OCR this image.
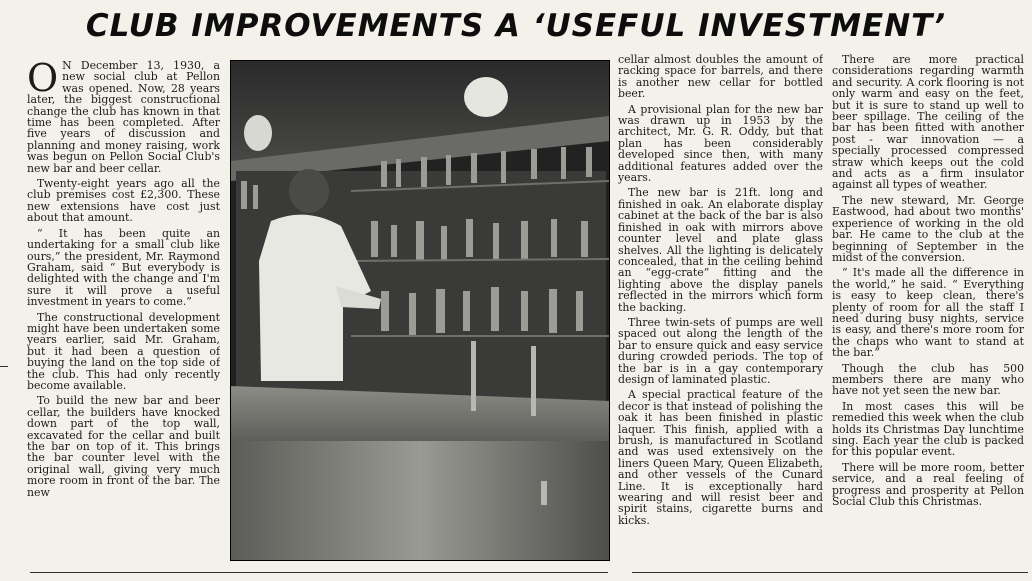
CLUB IMPROVEMENTS A ‘USEFUL INVESTMENT’

O N December 13, 1930, a new social club at Pellon was opened. Now, 28 years later, the biggest constructional change the club has known in that time has been completed. After five years of discussion and planning and money raising, work was begun on Pellon Social Club's new bar and beer cellar.

Twenty-eight years ago all the club premises cost £2,300. These new extensions have cost just about that amount.

“ It has been quite an undertaking for a small club like ours,” the president, Mr. Raymond Graham, said “ But everybody is delighted with the change and I'm sure it will prove a useful investment in years to come.”

The constructional development might have been undertaken some years earlier, said Mr. Graham, but it had been a question of buying the land on the top side of the club. This had only recently become available.

To build the new bar and beer cellar, the builders have knocked down part of the top wall, excavated for the cellar and built the bar on top of it. This brings the bar counter level with the original wall, giving very much more room in front of the bar. The new

cellar almost doubles the amount of racking space for barrels, and there is another new cellar for bottled beer.

A provisional plan for the new bar was drawn up in 1953 by the architect, Mr. G. R. Oddy, but that plan has been considerably developed since then, with many additional features added over the years.

The new bar is 21ft. long and finished in oak. An elaborate display cabinet at the back of the bar is also finished in oak with mirrors above counter level and plate glass shelves. All the lighting is delicately concealed, that in the ceiling behind an “egg-crate” fitting and the lighting above the display panels reflected in the mirrors which form the backing.

Three twin-sets of pumps are well spaced out along the length of the bar to ensure quick and easy service during crowded periods. The top of the bar is in a gay contemporary design of laminated plastic.

A special practical feature of the decor is that instead of polishing the oak it has been finished in plastic laquer. This finish, applied with a brush, is manufactured in Scotland and was used extensively on the liners Queen Mary, Queen Elizabeth, and other vessels of the Cunard Line. It is exceptionally hard wearing and will resist beer and spirit stains, cigarette burns and kicks.

There are more practical considerations regarding warmth and security. A cork flooring is not only warm and easy on the feet, but it is sure to stand up well to beer spillage. The ceiling of the bar has been fitted with another post - war innovation — a specially processed compressed straw which keeps out the cold and acts as a firm insulator against all types of weather.

The new steward, Mr. George Eastwood, had about two months' experience of working in the old bar. He came to the club at the beginning of September in the midst of the conversion.

“ It's made all the difference in the world,” he said. “ Everything is easy to keep clean, there's plenty of room for all the staff I need during busy nights, service is easy, and there's more room for the chaps who want to stand at the bar.”

Though the club has 500 members there are many who have not yet seen the new bar.

In most cases this will be remedied this week when the club holds its Christmas Day lunchtime sing. Each year the club is packed for this popular event.

There will be more room, better service, and a real feeling of progress and prosperity at Pellon Social Club this Christmas.
